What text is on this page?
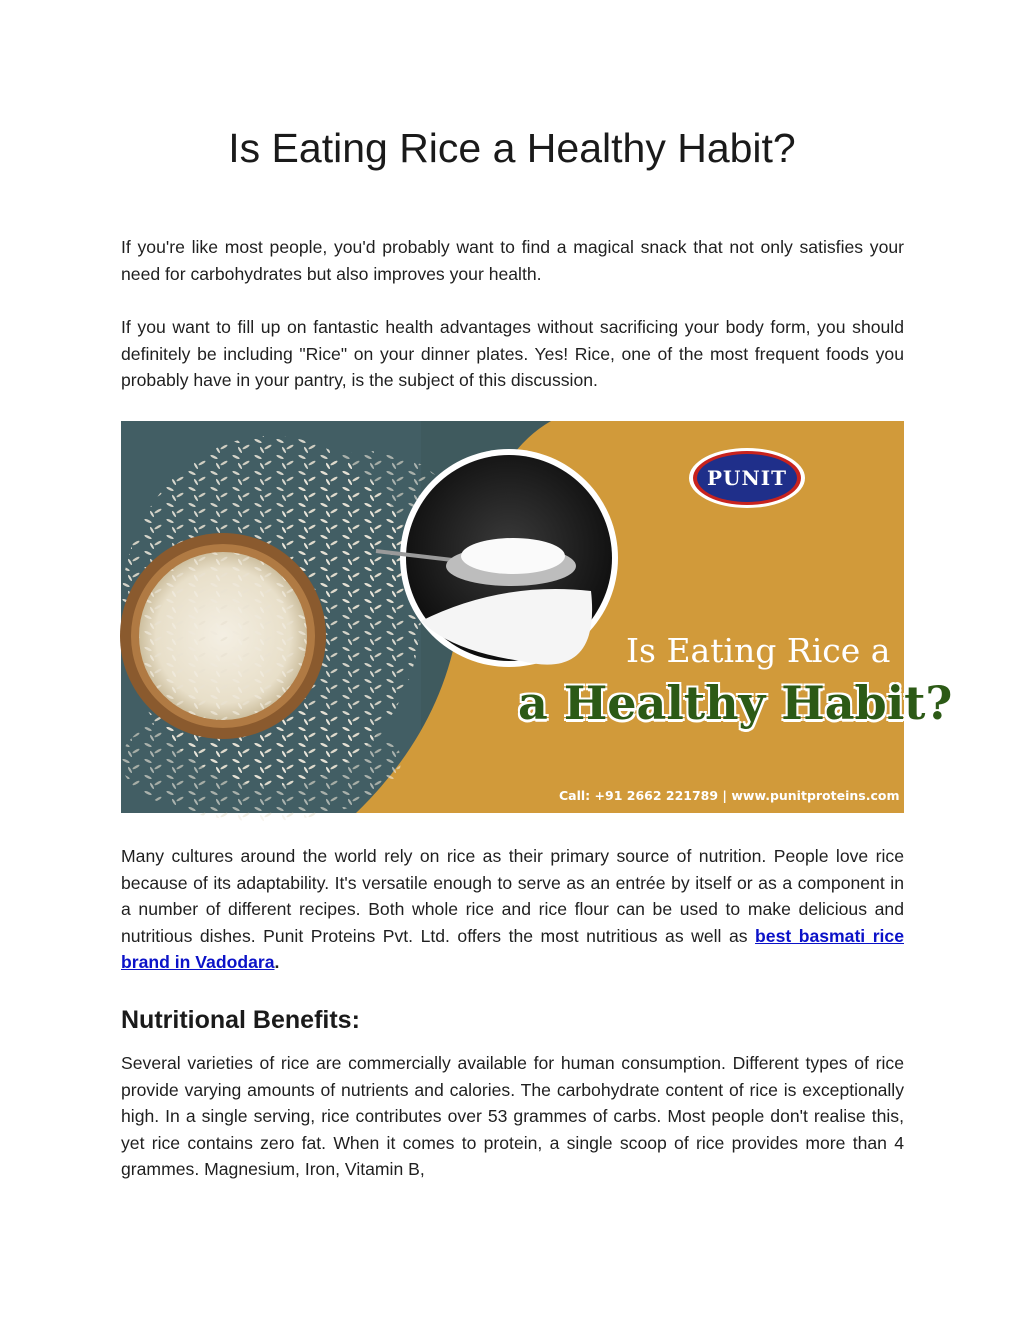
Is Eating Rice a Healthy Habit?

If you're like most people, you'd probably want to find a magical snack that not only satisfies your need for carbohydrates but also improves your health.

If you want to fill up on fantastic health advantages without sacrificing your body form, you should definitely be including "Rice" on your dinner plates. Yes! Rice, one of the most frequent foods you probably have in your pantry, is the subject of this discussion.

PUNIT
Is Eating Rice a
a Healthy Habit?
Call: +91 2662 221789 | www.punitproteins.com

Many cultures around the world rely on rice as their primary source of nutrition. People love rice because of its adaptability. It's versatile enough to serve as an entrée by itself or as a component in a number of different recipes. Both whole rice and rice flour can be used to make delicious and nutritious dishes. Punit Proteins Pvt. Ltd. offers the most nutritious as well as best basmati rice brand in Vadodara.

Nutritional Benefits:

Several varieties of rice are commercially available for human consumption. Different types of rice provide varying amounts of nutrients and calories. The carbohydrate content of rice is exceptionally high. In a single serving, rice contributes over 53 grammes of carbs. Most people don't realise this, yet rice contains zero fat. When it comes to protein, a single scoop of rice provides more than 4 grammes. Magnesium, Iron, Vitamin B,
